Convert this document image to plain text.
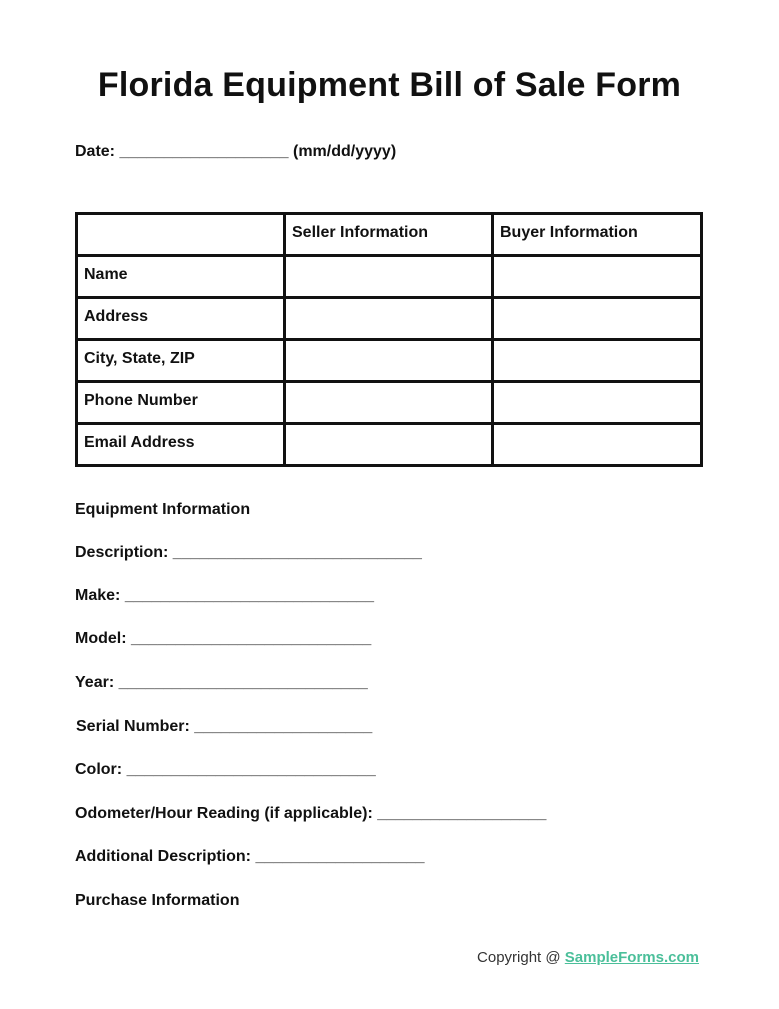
Florida Equipment Bill of Sale Form
Date: ___________________ (mm/dd/yyyy)

	Seller Information	Buyer Information

Name		

Address		

City, State, ZIP		

Phone Number		

Email Address		

Equipment Information
Description: ____________________________
Make: ____________________________
Model: ___________________________
Year: ____________________________
Serial Number: ____________________
Color: ____________________________
Odometer/Hour Reading (if applicable): ___________________
Additional Description: ___________________
Purchase Information
Copyright @ SampleForms.com
